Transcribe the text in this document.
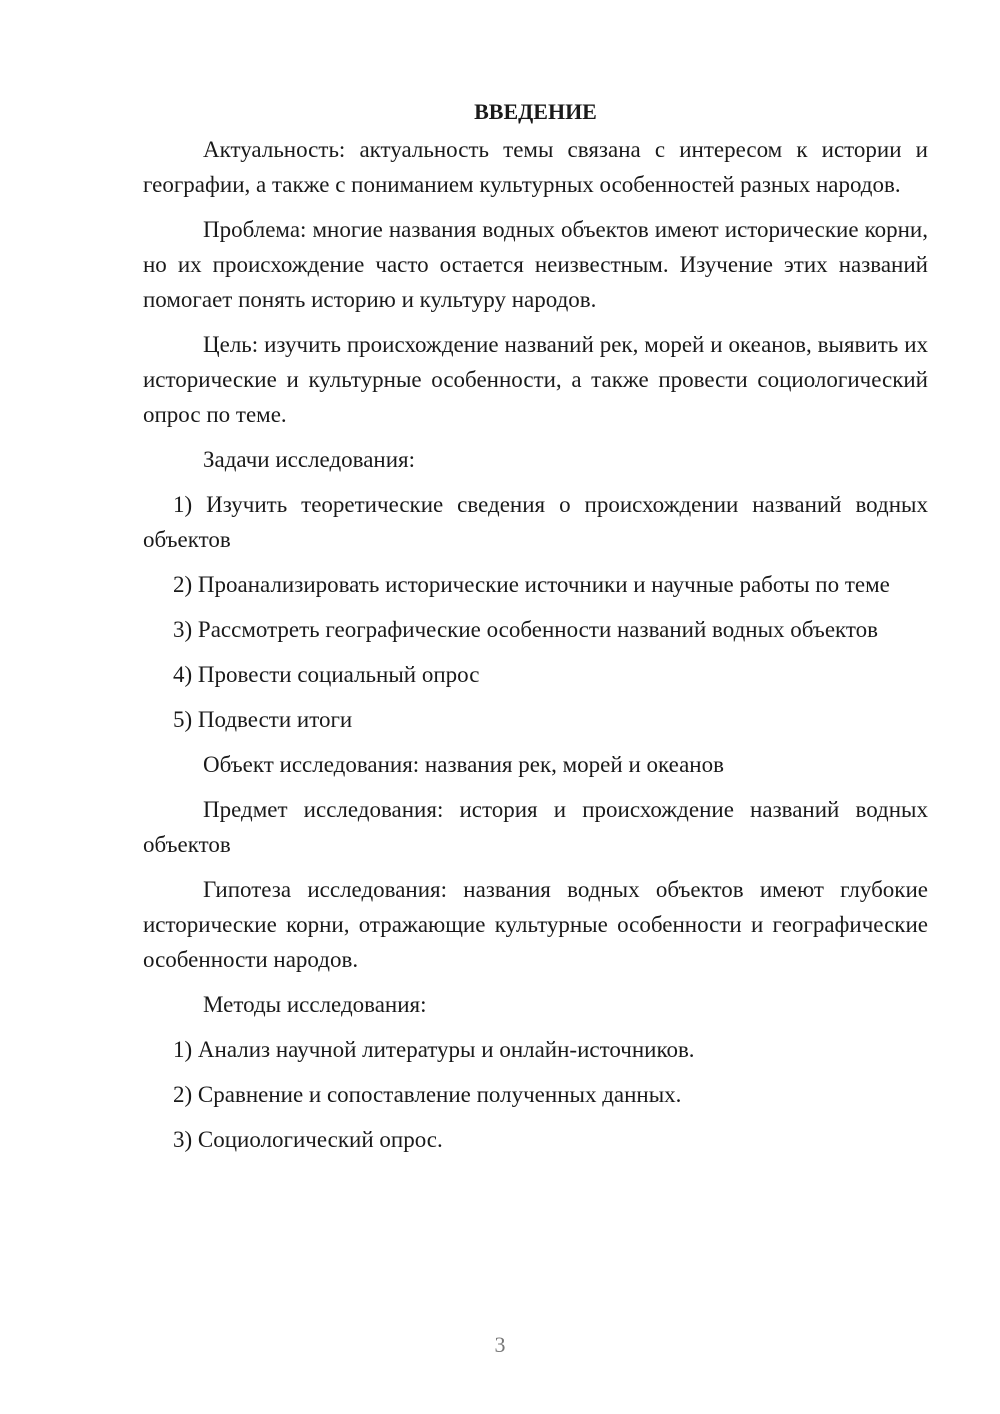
ВВЕДЕНИЕ

Актуальность: актуальность темы связана с интересом к истории и географии, а также с пониманием культурных особенностей разных народов.

Проблема: многие названия водных объектов имеют исторические корни, но их происхождение часто остается неизвестным. Изучение этих названий помогает понять историю и культуру народов.

Цель: изучить происхождение названий рек, морей и океанов, выявить их исторические и культурные особенности, а также провести социологический опрос по теме.

Задачи исследования:

1) Изучить теоретические сведения о происхождении названий водных объектов

2) Проанализировать исторические источники и научные работы по теме

3) Рассмотреть географические особенности названий водных объектов

4) Провести социальный опрос

5) Подвести итоги

Объект исследования: названия рек, морей и океанов

Предмет исследования: история и происхождение названий водных объектов

Гипотеза исследования: названия водных объектов имеют глубокие исторические корни, отражающие культурные особенности и географические особенности народов.

Методы исследования:

1) Анализ научной литературы и онлайн-источников.

2) Сравнение и сопоставление полученных данных.

3) Социологический опрос.

3
